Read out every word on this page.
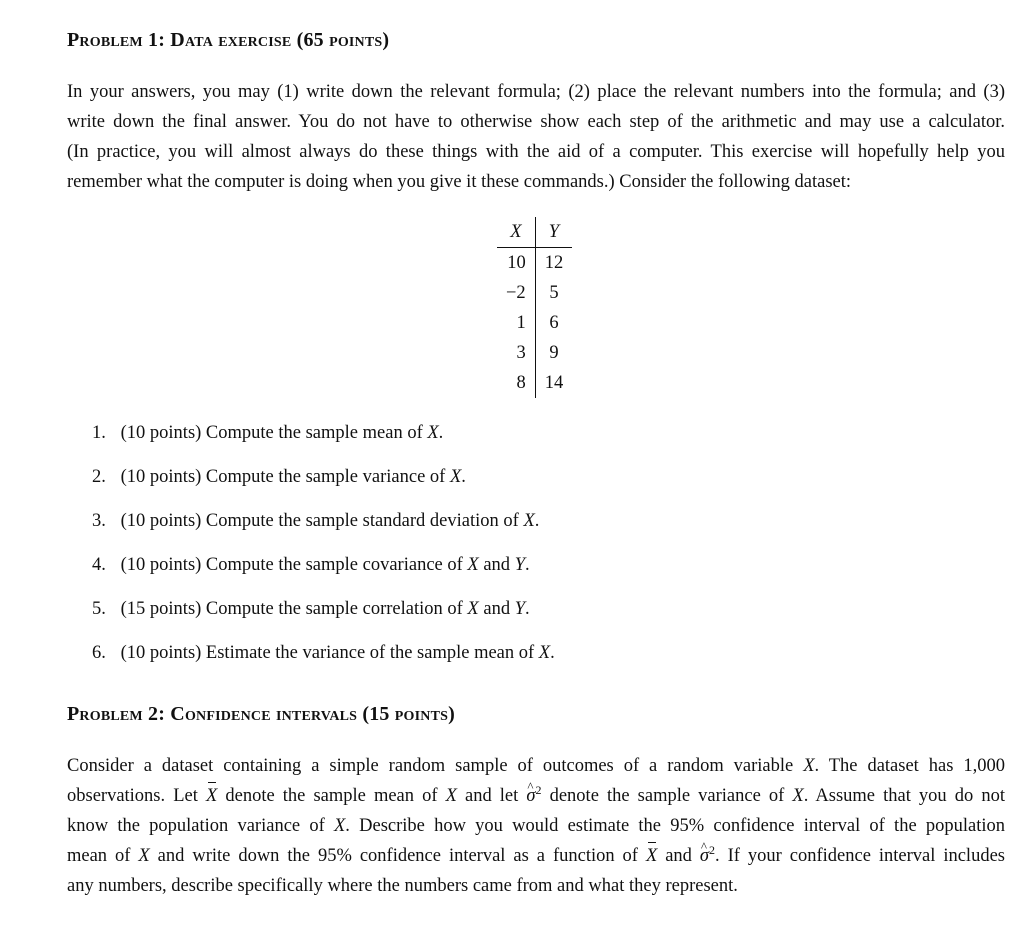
Problem 1: Data exercise (65 points)
In your answers, you may (1) write down the relevant formula; (2) place the relevant numbers into the formula; and (3)
write down the final answer. You do not have to otherwise show each step of the arithmetic and may use a calculator.
(In practice, you will almost always do these things with the aid of a computer. This exercise will hopefully help you
remember what the computer is doing when you give it these commands.) Consider the following dataset:
X	Y
10	12
−2	5
1	6
3	9
8	14
1. (10 points) Compute the sample mean of X.
2. (10 points) Compute the sample variance of X.
3. (10 points) Compute the sample standard deviation of X.
4. (10 points) Compute the sample covariance of X and Y.
5. (15 points) Compute the sample correlation of X and Y.
6. (10 points) Estimate the variance of the sample mean of X.
Problem 2: Confidence intervals (15 points)
Consider a dataset containing a simple random sample of outcomes of a random variable X. The dataset has 1,000
observations. Let X denote the sample mean of X and let ^ $\sigma^2$ denote the sample variance of X. Assume that you do not
know the population variance of X. Describe how you would estimate the 95% confidence interval of the population
mean of X and write down the 95% confidence interval as a function of X and ^ $\sigma^2$. If your confidence interval includes
any numbers, describe specifically where the numbers came from and what they represent.
